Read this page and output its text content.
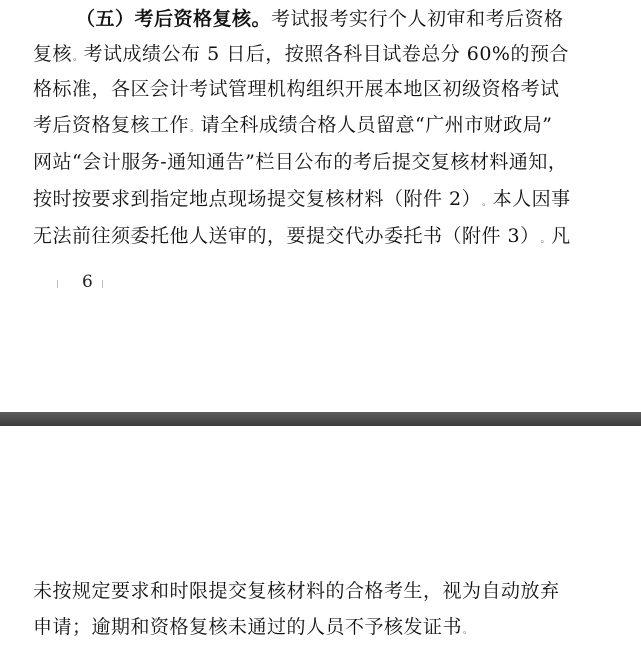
（五）考后资格复核。考试报考实行个人初审和考后资格
复核。考试成绩公布 5 日后，按照各科目试卷总分 60%的预合
格标准，各区会计考试管理机构组织开展本地区初级资格考试
考后资格复核工作。请全科成绩合格人员留意“广州市财政局”
网站“会计服务-通知通告”栏目公布的考后提交复核材料通知，
按时按要求到指定地点现场提交复核材料（附件 2）。本人因事
无法前往须委托他人送审的，要提交代办委托书（附件 3）。凡
6
未按规定要求和时限提交复核材料的合格考生，视为自动放弃
申请；逾期和资格复核未通过的人员不予核发证书。
